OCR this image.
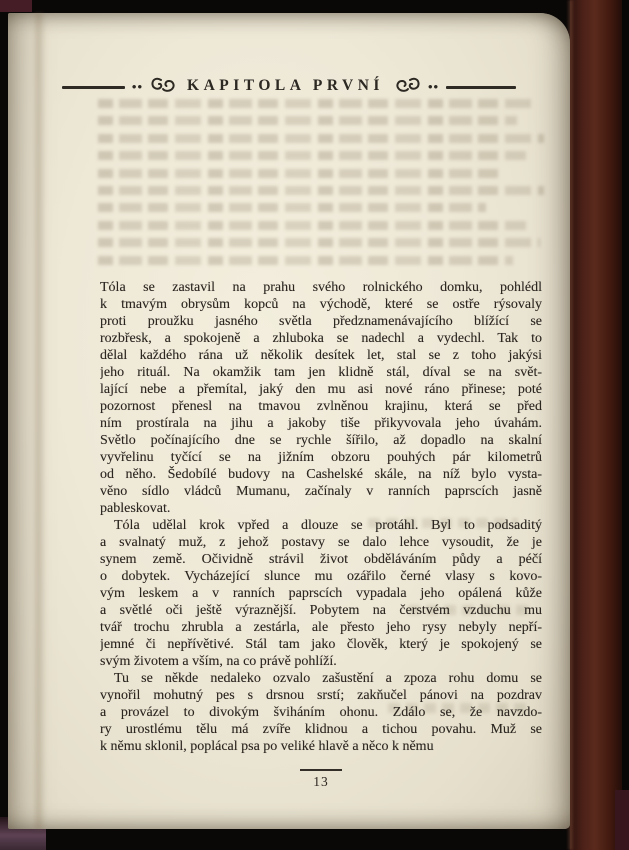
••	KAPITOLA PRVNÍ	••
Tóla se zastavil na prahu svého rolnického domku, pohlédl
k tmavým obrysům kopců na východě, které se ostře rýsovaly
proti proužku jasného světla předznamenávajícího blížící se
rozbřesk, a spokojeně a zhluboka se nadechl a vydechl. Tak to
dělal každého rána už několik desítek let, stal se z toho jakýsi
jeho rituál. Na okamžik tam jen klidně stál, díval se na svět-
lající nebe a přemítal, jaký den mu asi nové ráno přinese; poté
pozornost přenesl na tmavou zvlněnou krajinu, která se před
ním prostírala na jihu a jakoby tiše přikyvovala jeho úvahám.
Světlo počínajícího dne se rychle šířilo, až dopadlo na skalní
vyvřelinu tyčící se na jižním obzoru pouhých pár kilometrů
od něho. Šedobílé budovy na Cashelské skále, na níž bylo vysta-
věno sídlo vládců Mumanu, začínaly v ranních paprscích jasně
pableskovat.
Tóla udělal krok vpřed a dlouze se protáhl. Byl to podsaditý
a svalnatý muž, z jehož postavy se dalo lehce vysoudit, že je
synem země. Očividně strávil život obděláváním půdy a péčí
o dobytek. Vycházející slunce mu ozářilo černé vlasy s kovo-
vým leskem a v ranních paprscích vypadala jeho opálená kůže
a světlé oči ještě výraznější. Pobytem na čerstvém vzduchu mu
tvář trochu zhrubla a zestárla, ale přesto jeho rysy nebyly nepří-
jemné či nepřívětivé. Stál tam jako člověk, který je spokojený se
svým životem a vším, na co právě pohlíží.
Tu se někde nedaleko ozvalo zašustění a zpoza rohu domu se
vynořil mohutný pes s drsnou srstí; zakňučel pánovi na pozdrav
a provázel to divokým šviháním ohonu. Zdálo se, že navzdo-
ry urostlému tělu má zvíře klidnou a tichou povahu. Muž se
k němu sklonil, poplácal psa po veliké hlavě a něco k němu
13
